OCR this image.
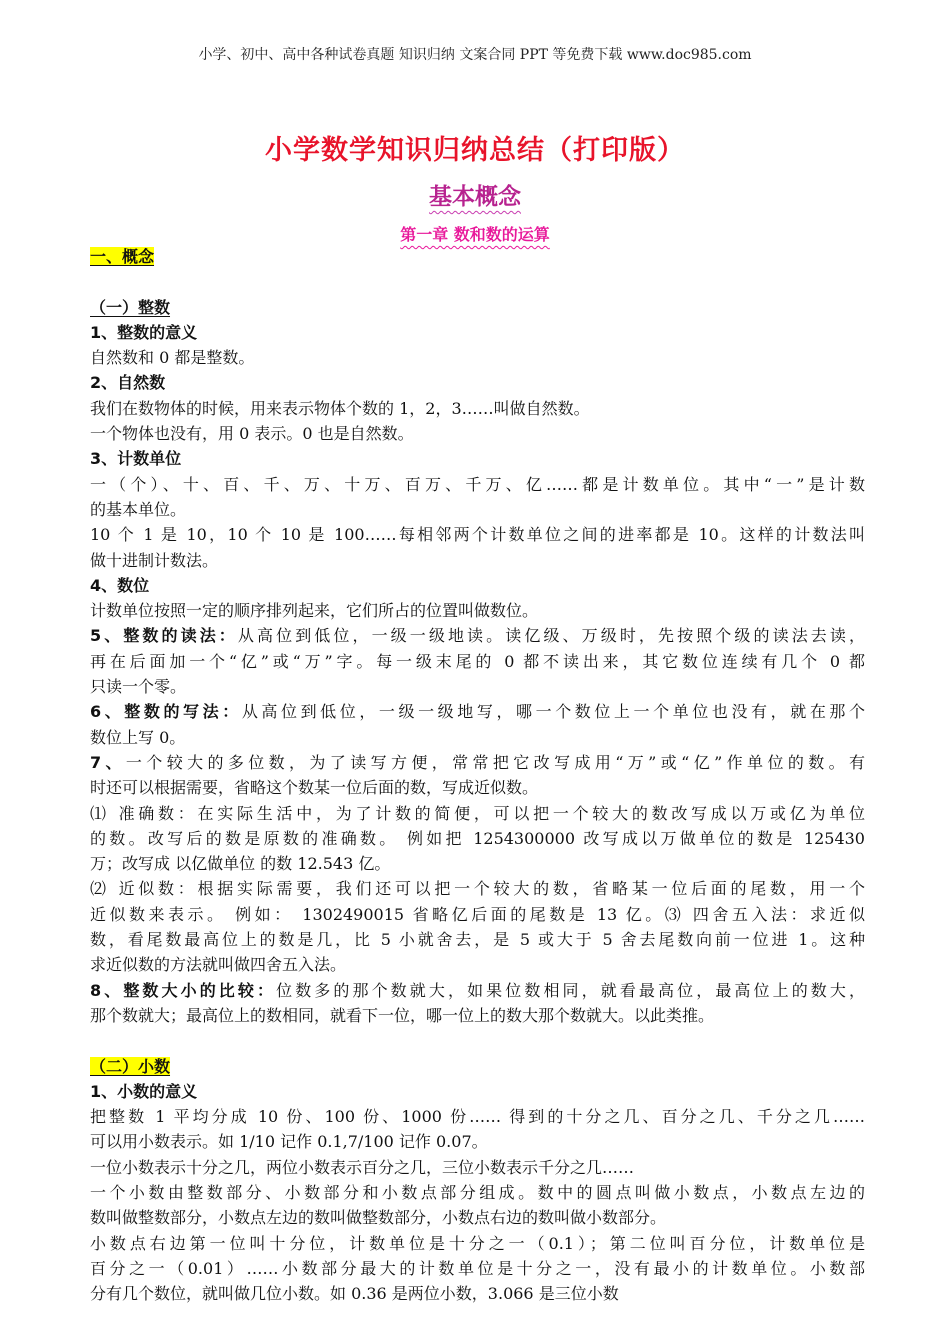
小学、初中、高中各种试卷真题 知识归纳 文案合同 PPT 等免费下载 www.doc985.com
小学数学知识归纳总结（打印版）
基本概念
第一章 数和数的运算
一、概念
（一）整数
1、整数的意义
自然数和 0 都是整数。
2、自然数
我们在数物体的时候，用来表示物体个数的 1，2，3……叫做自然数。
一个物体也没有，用 0 表示。0 也是自然数。
3、计数单位
一（个）、十、百、千、万、十万、百万、千万、亿……都是计数单位。其中“一”是计数
的基本单位。
10 个 1 是 10，10 个 10 是 100……每相邻两个计数单位之间的进率都是 10。这样的计数法叫
做十进制计数法。
4、数位
计数单位按照一定的顺序排列起来，它们所占的位置叫做数位。
5、整数的读法：从高位到低位，一级一级地读。读亿级、万级时，先按照个级的读法去读，
再在后面加一个“亿”或“万”字。每一级末尾的 0 都不读出来，其它数位连续有几个 0 都
只读一个零。
6、整数的写法：从高位到低位，一级一级地写，哪一个数位上一个单位也没有，就在那个
数位上写 0。
7、一个较大的多位数，为了读写方便，常常把它改写成用“万”或“亿”作单位的数。有
时还可以根据需要，省略这个数某一位后面的数，写成近似数。
⑴ 准确数：在实际生活中，为了计数的简便，可以把一个较大的数改写成以万或亿为单位
的数。改写后的数是原数的准确数。 例如把 1254300000 改写成以万做单位的数是 125430
万；改写成 以亿做单位 的数 12.543 亿。
⑵ 近似数：根据实际需要，我们还可以把一个较大的数，省略某一位后面的尾数，用一个
近似数来表示。 例如： 1302490015 省略亿后面的尾数是 13 亿。⑶ 四舍五入法：求近似
数，看尾数最高位上的数是几，比 5 小就舍去，是 5 或大于 5 舍去尾数向前一位进 1。这种
求近似数的方法就叫做四舍五入法。
8、整数大小的比较：位数多的那个数就大，如果位数相同，就看最高位，最高位上的数大，
那个数就大；最高位上的数相同，就看下一位，哪一位上的数大那个数就大。以此类推。
（二）小数
1、小数的意义
把整数 1 平均分成 10 份、100 份、1000 份…… 得到的十分之几、百分之几、千分之几……
可以用小数表示。如 1/10 记作 0.1,7/100 记作 0.07。
一位小数表示十分之几，两位小数表示百分之几，三位小数表示千分之几……
一个小数由整数部分、小数部分和小数点部分组成。数中的圆点叫做小数点，小数点左边的
数叫做整数部分，小数点左边的数叫做整数部分，小数点右边的数叫做小数部分。
小数点右边第一位叫十分位，计数单位是十分之一（0.1）；第二位叫百分位，计数单位是
百分之一（0.01）……小数部分最大的计数单位是十分之一，没有最小的计数单位。小数部
分有几个数位，就叫做几位小数。如 0.36 是两位小数，3.066 是三位小数
